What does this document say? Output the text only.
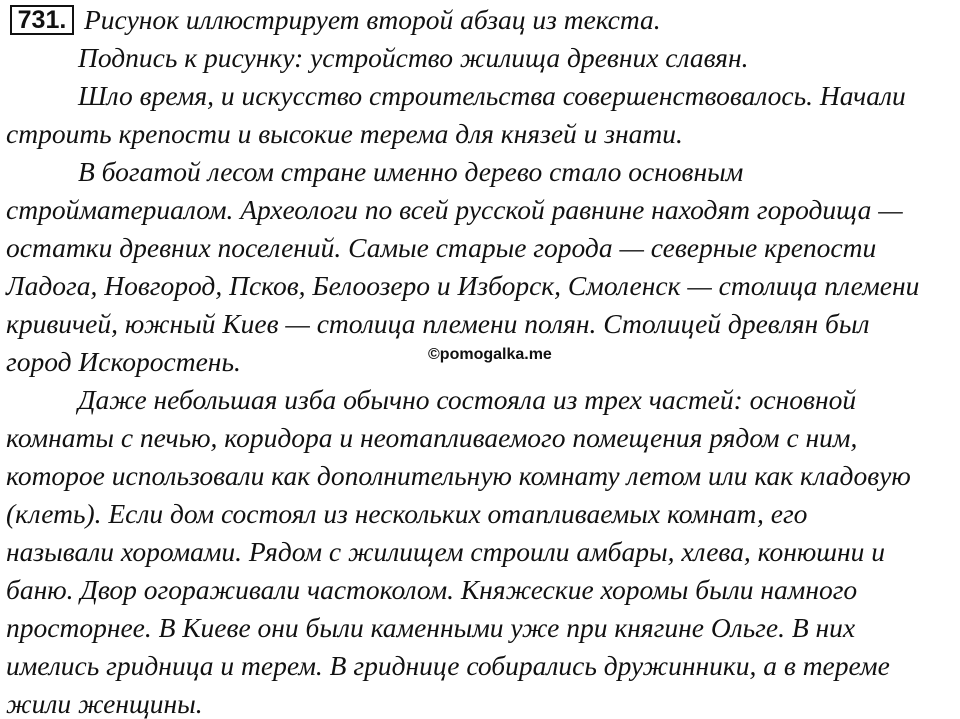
731. Рисунок иллюстрирует второй абзац из текста.
Подпись к рисунку: устройство жилища древних славян.
Шло время, и искусство строительства совершенствовалось. Начали
строить крепости и высокие терема для князей и знати.
В богатой лесом стране именно дерево стало основным
стройматериалом. Археологи по всей русской равнине находят городища —
остатки древних поселений. Самые старые города — северные крепости
Ладога, Новгород, Псков, Белоозеро и Изборск, Смоленск — столица племени
кривичей, южный Киев — столица племени полян. Столицей древлян был
город Искоростень.
Даже небольшая изба обычно состояла из трех частей: основной
комнаты с печью, коридора и неотапливаемого помещения рядом с ним,
которое использовали как дополнительную комнату летом или как кладовую
(клеть). Если дом состоял из нескольких отапливаемых комнат, его
называли хоромами. Рядом с жилищем строили амбары, хлева, конюшни и
баню. Двор огораживали частоколом. Княжеские хоромы были намного
просторнее. В Киеве они были каменными уже при княгине Ольге. В них
имелись гридница и терем. В гриднице собирались дружинники, а в тереме
жили женщины.
©pomogalka.me
